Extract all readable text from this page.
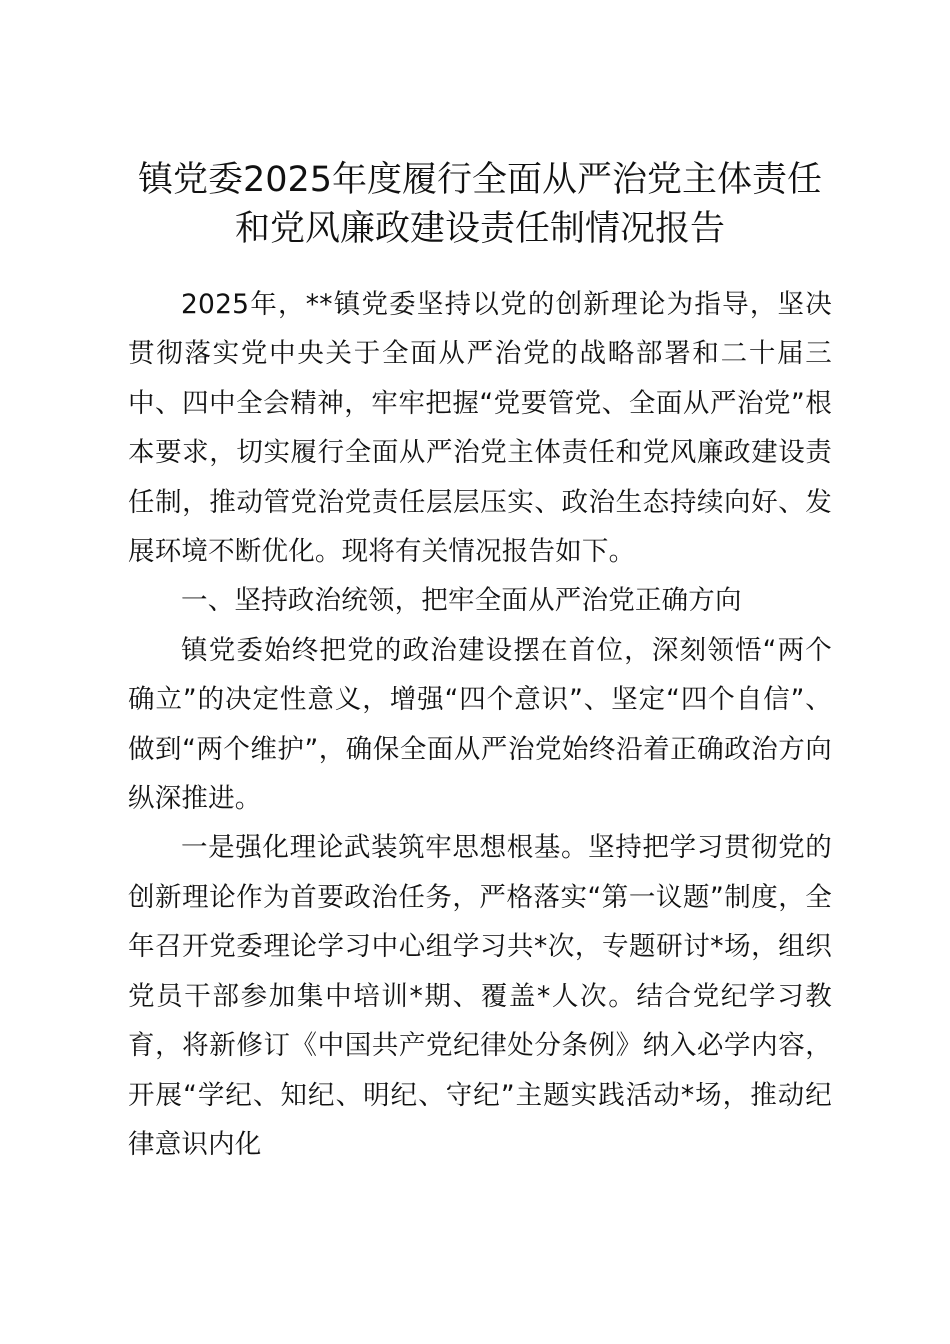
镇党委2025年度履行全面从严治党主体责任
和党风廉政建设责任制情况报告

2025年，**镇党委坚持以党的创新理论为指导，坚决贯彻落实党中央关于全面从严治党的战略部署和二十届三中、四中全会精神，牢牢把握“党要管党、全面从严治党”根本要求，切实履行全面从严治党主体责任和党风廉政建设责任制，推动管党治党责任层层压实、政治生态持续向好、发展环境不断优化。现将有关情况报告如下。

一、坚持政治统领，把牢全面从严治党正确方向

镇党委始终把党的政治建设摆在首位，深刻领悟“两个确立”的决定性意义，增强“四个意识”、坚定“四个自信”、做到“两个维护”，确保全面从严治党始终沿着正确政治方向纵深推进。

一是强化理论武装筑牢思想根基。坚持把学习贯彻党的创新理论作为首要政治任务，严格落实“第一议题”制度，全年召开党委理论学习中心组学习共*次，专题研讨*场，组织党员干部参加集中培训*期、覆盖*人次。结合党纪学习教育，将新修订《中国共产党纪律处分条例》纳入必学内容，开展“学纪、知纪、明纪、守纪”主题实践活动*场，推动纪律意识内化
